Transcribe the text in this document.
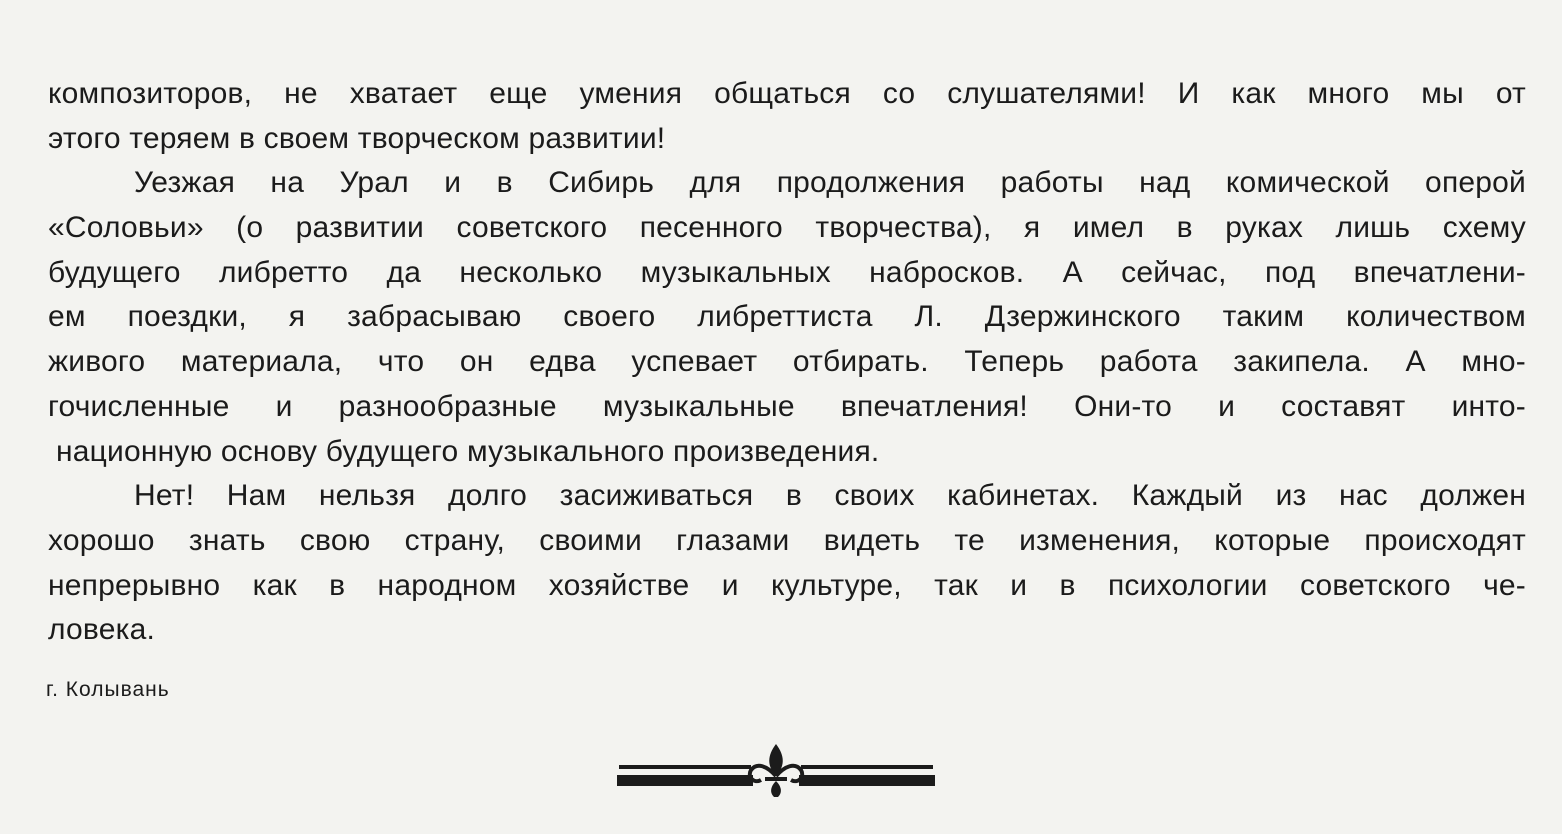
композиторов, не хватает еще умения общаться со слушателями! И как много мы от
этого теряем в своем творческом развитии!
Уезжая на Урал и в Сибирь для продолжения работы над комической оперой
«Соловьи» (о развитии советского песенного творчества), я имел в руках лишь схему
будущего либретто да несколько музыкальных набросков. А сейчас, под впечатлени-
ем поездки, я забрасываю своего либреттиста Л. Дзержинского таким количеством
живого материала, что он едва успевает отбирать. Теперь работа закипела. А мно-
гочисленные и разнообразные музыкальные впечатления! Они-то и составят инто-
национную основу будущего музыкального произведения.
Нет! Нам нельзя долго засиживаться в своих кабинетах. Каждый из нас должен
хорошо знать свою страну, своими глазами видеть те изменения, которые происходят
непрерывно как в народном хозяйстве и культуре, так и в психологии советского че-
ловека.
г. Колывань
